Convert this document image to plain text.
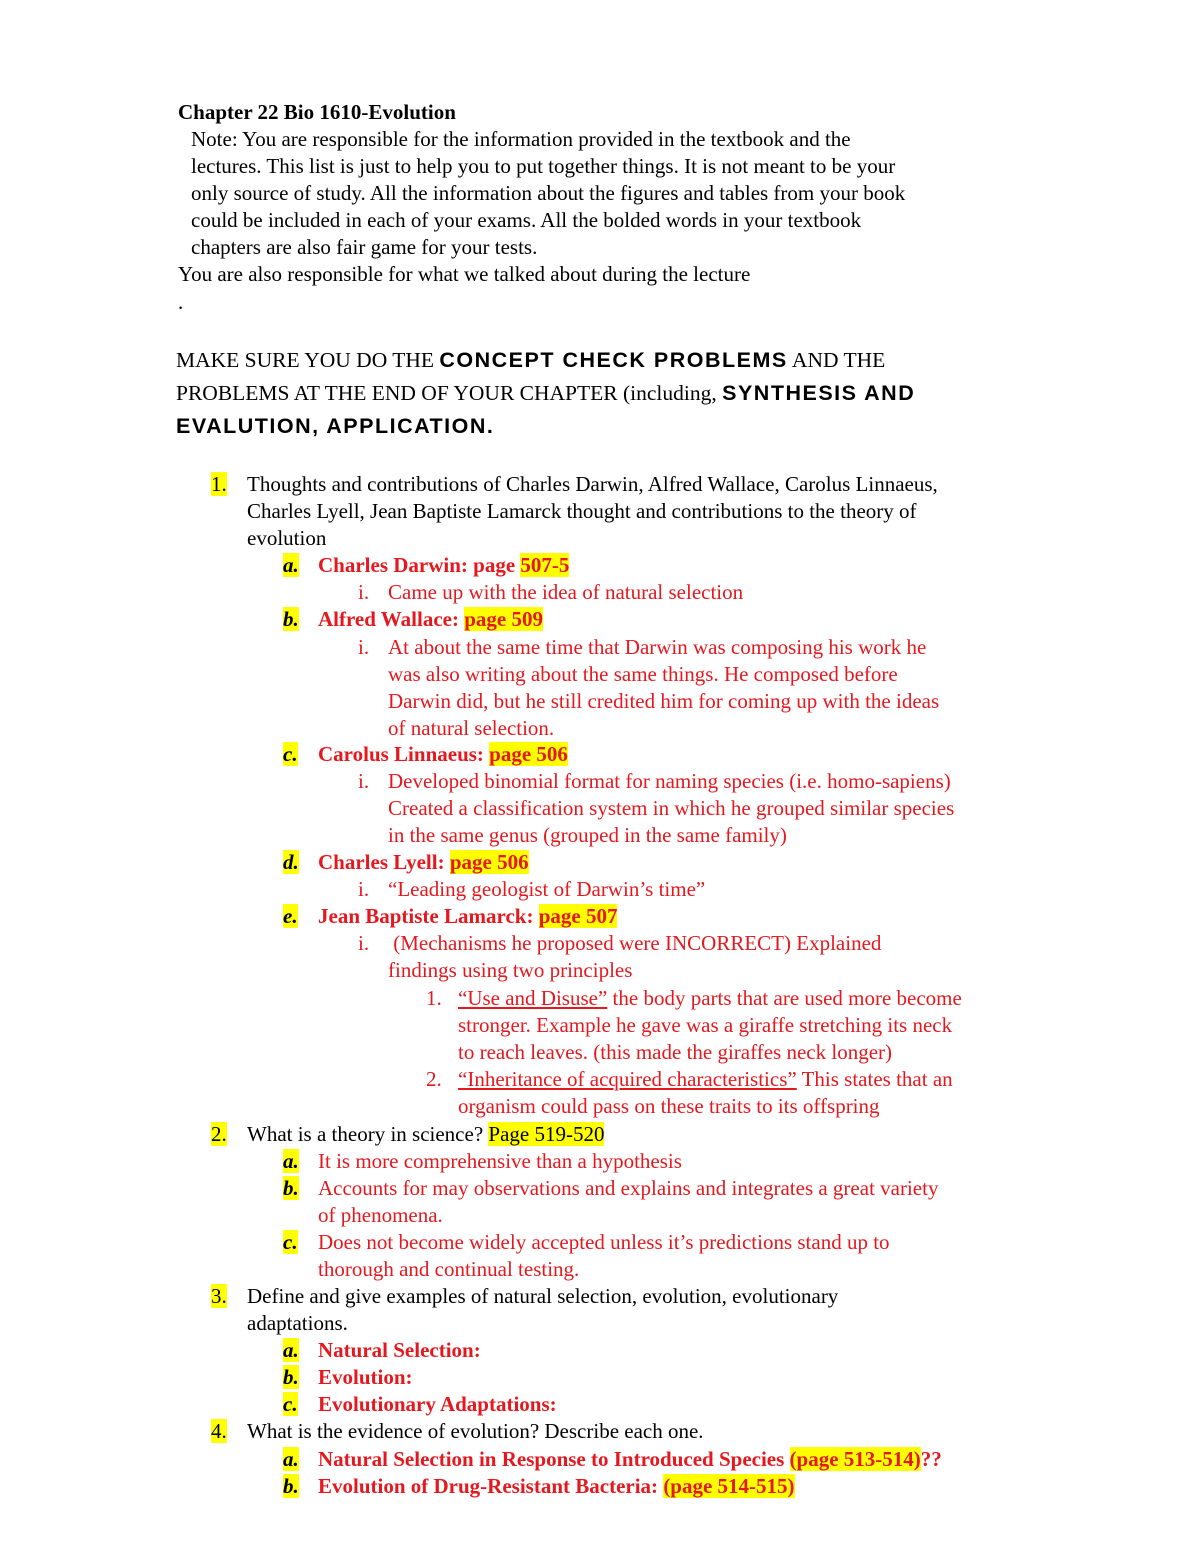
Chapter 22 Bio 1610-Evolution
Note: You are responsible for the information provided in the textbook and the
lectures. This list is just to help you to put together things. It is not meant to be your
only source of study. All the information about the figures and tables from your book
could be included in each of your exams. All the bolded words in your textbook
chapters are also fair game for your tests.
You are also responsible for what we talked about during the lecture
.
MAKE SURE YOU DO THE CONCEPT CHECK PROBLEMS AND THE
PROBLEMS AT THE END OF YOUR CHAPTER (including, SYNTHESIS AND
EVALUTION, APPLICATION.
1. Thoughts and contributions of Charles Darwin, Alfred Wallace, Carolus Linnaeus,
Charles Lyell, Jean Baptiste Lamarck thought and contributions to the theory of
evolution
a. Charles Darwin: page 507-5
i. Came up with the idea of natural selection
b. Alfred Wallace: page 509
i. At about the same time that Darwin was composing his work he
was also writing about the same things. He composed before
Darwin did, but he still credited him for coming up with the ideas
of natural selection.
c. Carolus Linnaeus: page 506
i. Developed binomial format for naming species (i.e. homo-sapiens)
Created a classification system in which he grouped similar species
in the same genus (grouped in the same family)
d. Charles Lyell: page 506
i. “Leading geologist of Darwin’s time”
e. Jean Baptiste Lamarck: page 507
i. (Mechanisms he proposed were INCORRECT) Explained
findings using two principles
1. “Use and Disuse” the body parts that are used more become
stronger. Example he gave was a giraffe stretching its neck
to reach leaves. (this made the giraffes neck longer)
2. “Inheritance of acquired characteristics” This states that an
organism could pass on these traits to its offspring
2. What is a theory in science? Page 519-520
a. It is more comprehensive than a hypothesis
b. Accounts for may observations and explains and integrates a great variety
of phenomena.
c. Does not become widely accepted unless it’s predictions stand up to
thorough and continual testing.
3. Define and give examples of natural selection, evolution, evolutionary
adaptations.
a. Natural Selection:
b. Evolution:
c. Evolutionary Adaptations:
4. What is the evidence of evolution? Describe each one.
a. Natural Selection in Response to Introduced Species (page 513-514)??
b. Evolution of Drug-Resistant Bacteria: (page 514-515)
